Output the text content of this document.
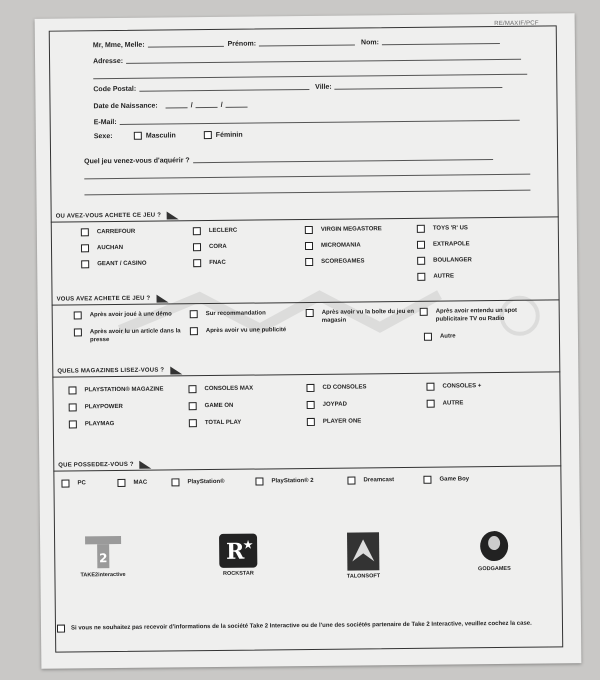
RE/MAXIF/PCF
Mr, Mme, Melle:	Prénom:	Nom:
Adresse:
Code Postal:	Ville:
Date de Naissance:	/	/
E-Mail:
Sexe:	Masculin	Féminin
Quel jeu venez-vous d'aquérir ?
OU AVEZ-VOUS ACHETE CE JEU ?
CARREFOUR	LECLERC	VIRGIN MEGASTORE	TOYS 'R' US
AUCHAN	CORA	MICROMANIA	EXTRAPOLE
GEANT / CASINO	FNAC	SCOREGAMES	BOULANGER
AUTRE
VOUS AVEZ ACHETE CE JEU ?
Après avoir joué à une démo	Sur recommandation	Après avoir vu la boîte du jeu en magasin
Après avoir entendu un spot publicitaire TV ou Radio
Après avoir lu un article dans la presse
Après avoir vu une publicité
Autre
QUELS MAGAZINES LISEZ-VOUS ?
PLAYSTATION® MAGAZINE	CONSOLES MAX	CD CONSOLES	CONSOLES +
PLAYPOWER	GAME ON	JOYPAD	AUTRE
PLAYMAG	TOTAL PLAY	PLAYER ONE
QUE POSSEDEZ-VOUS ?
PC	MAC	PlayStation®	PlayStation® 2	Dreamcast	Game Boy
2
TAKE2interactive
R
★
ROCKSTAR	TALONSOFT
GODGAMES
Si vous ne souhaitez pas recevoir d'informations de la société Take 2 Interactive ou de l'une des sociétés partenaire de Take 2 Interactive, veuillez cochez la case.
